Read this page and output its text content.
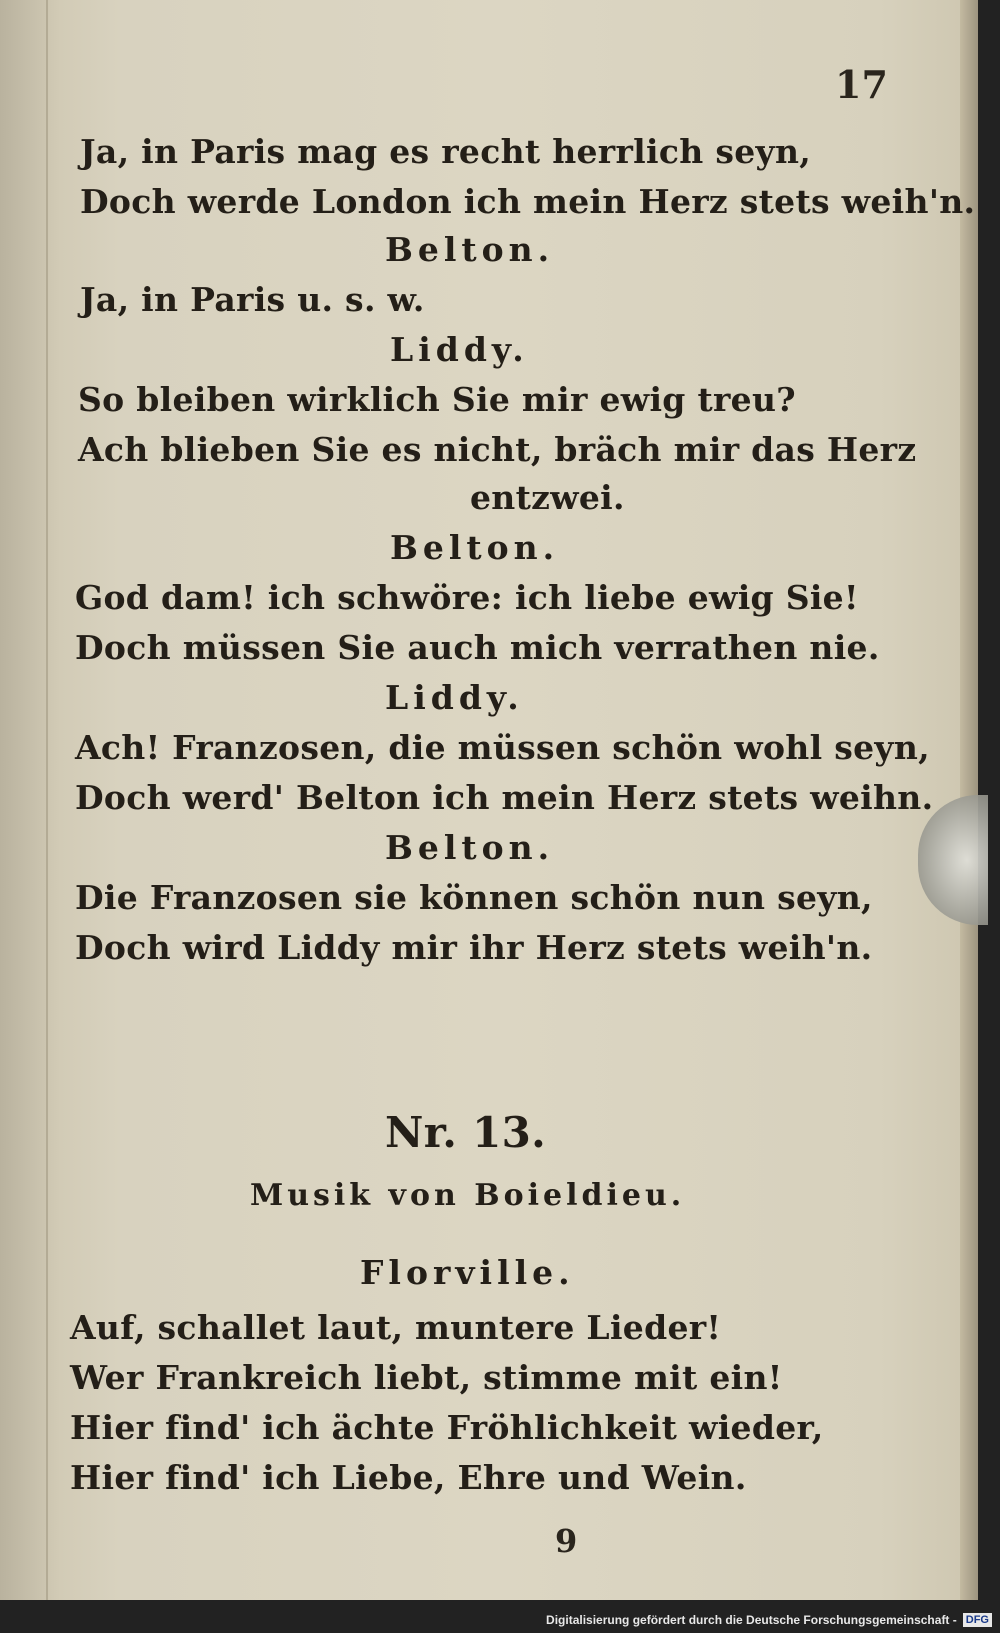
17
Ja, in Paris mag es recht herrlich seyn,
Doch werde London ich mein Herz stets weih'n.
Belton.
Ja, in Paris u. s. w.
Liddy.
So bleiben wirklich Sie mir ewig treu?
Ach blieben Sie es nicht, bräch mir das Herz
entzwei.
Belton.
God dam! ich schwöre: ich liebe ewig Sie!
Doch müssen Sie auch mich verrathen nie.
Liddy.
Ach! Franzosen, die müssen schön wohl seyn,
Doch werd' Belton ich mein Herz stets weihn.
Belton.
Die Franzosen sie können schön nun seyn,
Doch wird Liddy mir ihr Herz stets weih'n.
Nr. 13.
Musik von Boieldieu.
Florville.
Auf, schallet laut, muntere Lieder!
Wer Frankreich liebt, stimme mit ein!
Hier find' ich ächte Fröhlichkeit wieder,
Hier find' ich Liebe, Ehre und Wein.
9
Digitalisierung gefördert durch die Deutsche Forschungsgemeinschaft - DFG
